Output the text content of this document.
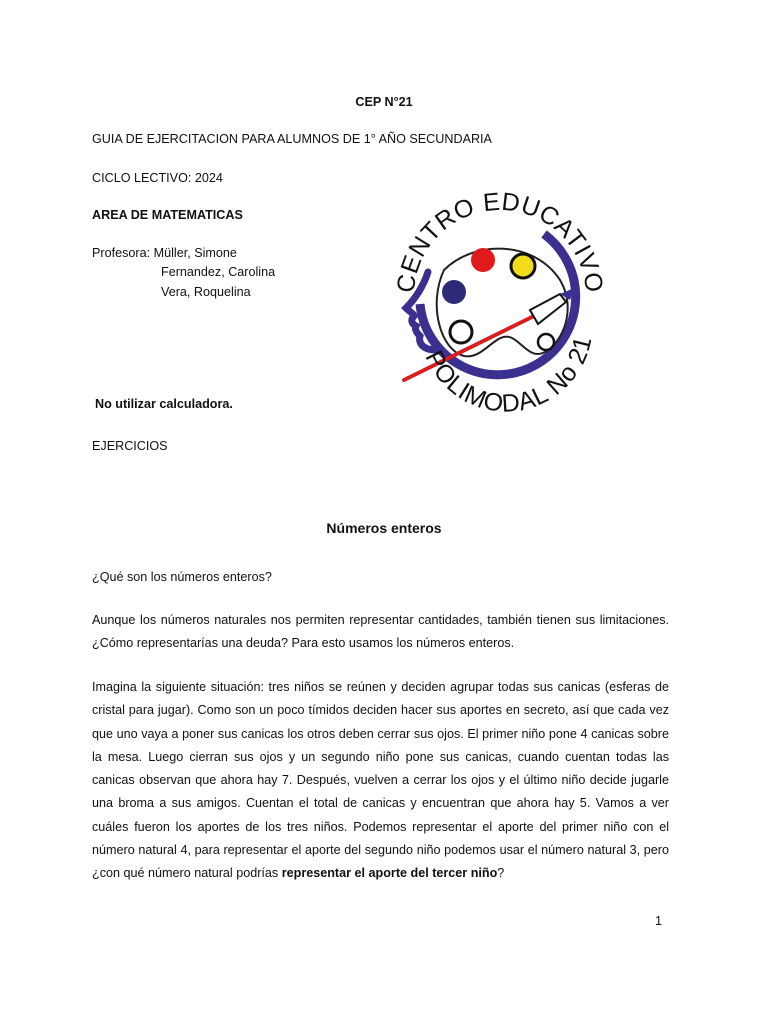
CEP N°21
GUIA DE EJERCITACION PARA ALUMNOS DE 1° AÑO SECUNDARIA
CICLO LECTIVO: 2024
AREA DE MATEMATICAS
Profesora: Müller, Simone
Fernandez, Carolina
Vera, Roquelina
No utilizar calculadora.
EJERCICIOS
CENTRO EDUCATIVO
POLIMODAL No 21
Números enteros
¿Qué son los números enteros?

Aunque los números naturales nos permiten representar cantidades, también tienen sus limitaciones. ¿Cómo representarías una deuda? Para esto usamos los números enteros.

Imagina la siguiente situación: tres niños se reúnen y deciden agrupar todas sus canicas (esferas de cristal para jugar). Como son un poco tímidos deciden hacer sus aportes en secreto, así que cada vez que uno vaya a poner sus canicas los otros deben cerrar sus ojos. El primer niño pone 4 canicas sobre la mesa. Luego cierran sus ojos y un segundo niño pone sus canicas, cuando cuentan todas las canicas observan que ahora hay 7. Después, vuelven a cerrar los ojos y el último niño decide jugarle una broma a sus amigos. Cuentan el total de canicas y encuentran que ahora hay 5. Vamos a ver cuáles fueron los aportes de los tres niños. Podemos representar el aporte del primer niño con el número natural 4, para representar el aporte del segundo niño podemos usar el número natural 3, pero ¿con qué número natural podrías representar el aporte del tercer niño?

1
